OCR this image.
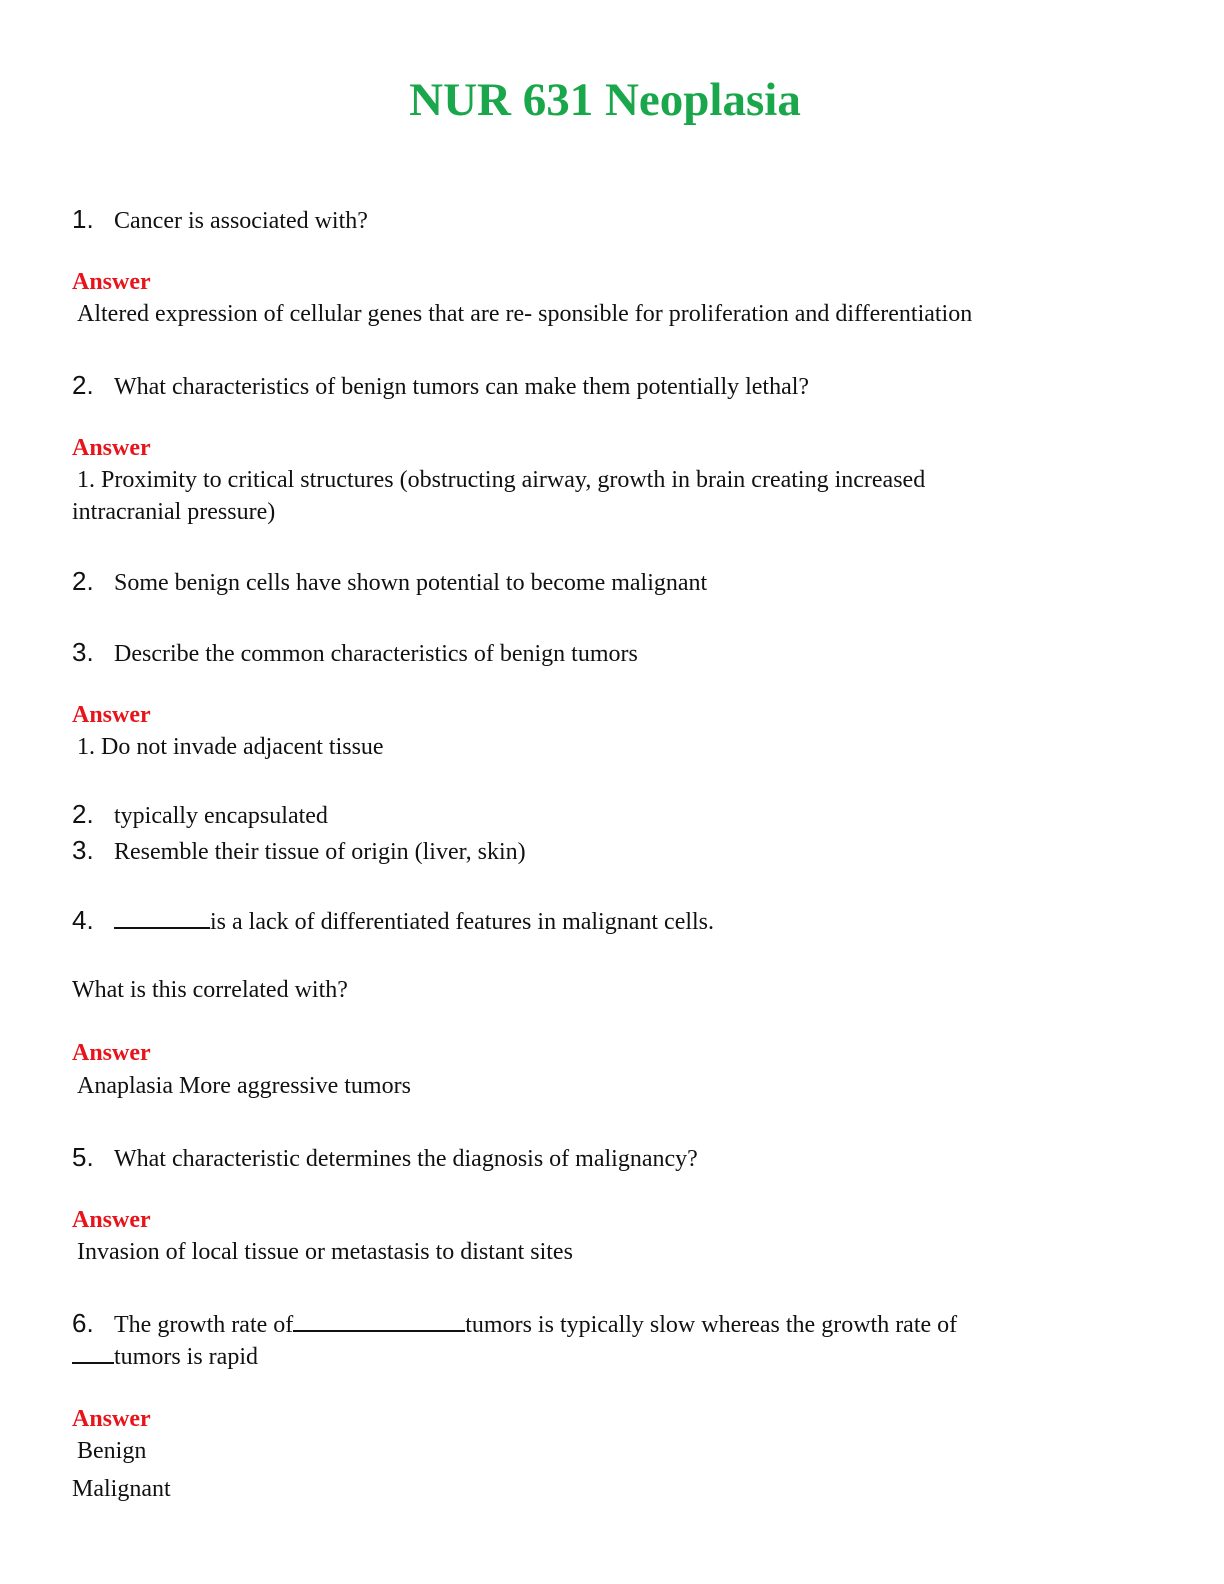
NUR 631 Neoplasia
1. Cancer is associated with?
Answer
Altered expression of cellular genes that are re- sponsible for proliferation and differentiation
2. What characteristics of benign tumors can make them potentially lethal?
Answer
1. Proximity to critical structures (obstructing airway, growth in brain creating increased
intracranial pressure)
2. Some benign cells have shown potential to become malignant
3. Describe the common characteristics of benign tumors
Answer
1. Do not invade adjacent tissue
2. typically encapsulated
3. Resemble their tissue of origin (liver, skin)
4.	is a lack of differentiated features in malignant cells.
What is this correlated with?
Answer
Anaplasia More aggressive tumors
5. What characteristic determines the diagnosis of malignancy?
Answer
Invasion of local tissue or metastasis to distant sites
6. The growth rate of	tumors is typically slow whereas the growth rate of
tumors is rapid
Answer
Benign
Malignant
